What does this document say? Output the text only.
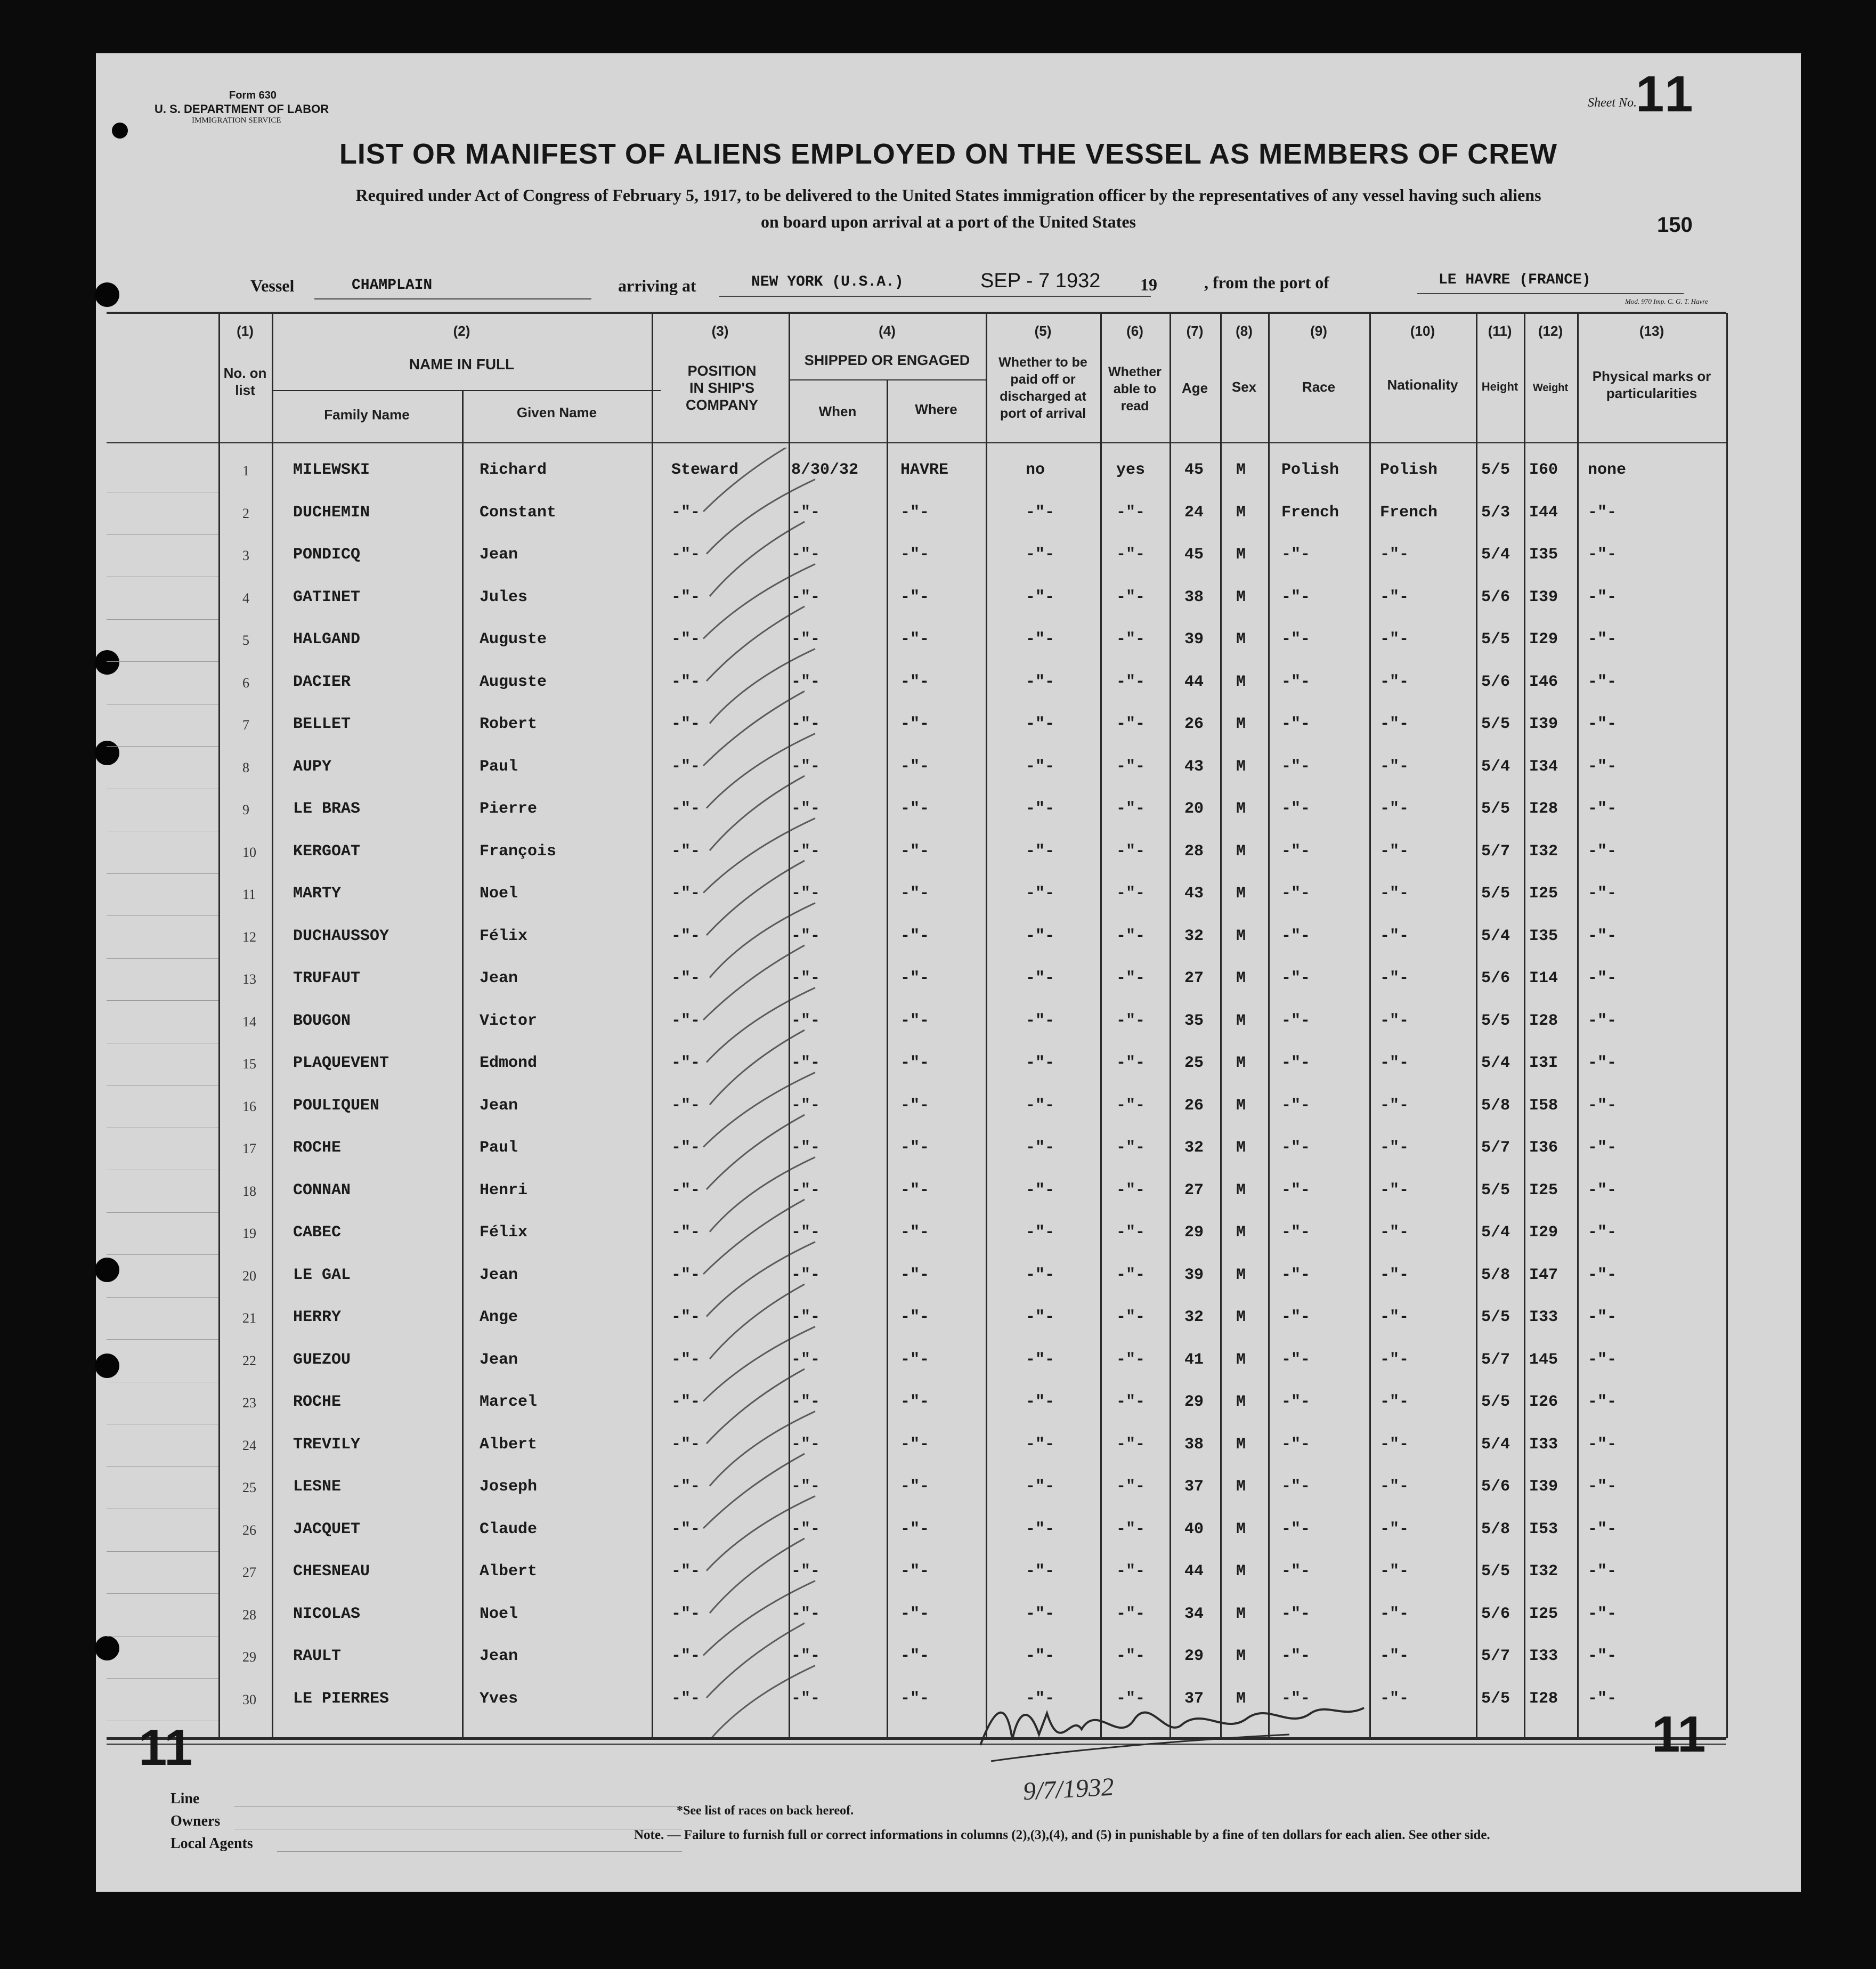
Form 630
U. S. DEPARTMENT OF LABOR
IMMIGRATION SERVICE
Sheet No.
11
LIST OR MANIFEST OF ALIENS EMPLOYED ON THE VESSEL AS MEMBERS OF CREW
Required under Act of Congress of February 5, 1917, to be delivered to the United States immigration officer by the representatives of any vessel having such aliens
on board upon arrival at a port of the United States	150
Vessel	CHAMPLAIN	arriving at	NEW YORK (U.S.A.)	SEP - 7 1932 19	, from the port of	LE HAVRE (FRANCE)
Mod. 970 Imp. C. G. T. Havre
(1)
No. on list
(2)
NAME IN FULL
Family Name	Given Name
(3)
POSITION IN SHIP'S COMPANY
(4)
SHIPPED OR ENGAGED
When	Where
(5)
Whether to be paid off or discharged at port of arrival
(6)
Whether able to read
(7)
Age
(8)
Sex
(9)
Race
(10)
Nationality
(11)
Height
(12)
Weight
(13)
Physical marks or particularities
1	MILEWSKI	Richard	Steward	8/30/32	HAVRE	no	yes 45 M Polish	Polish	5/5 I60 none
2	DUCHEMIN	Constant	-"-	-"-	-"-	-"-	-"- 24 M French	French	5/3 I44 -"-
3	PONDICQ	Jean	-"-	-"-	-"-	-"-	-"- 45 M -"-	-"-	5/4 I35 -"-
4	GATINET	Jules	-"-	-"-	-"-	-"-	-"- 38 M -"-	-"-	5/6 I39 -"-
5	HALGAND	Auguste	-"-	-"-	-"-	-"-	-"- 39 M -"-	-"-	5/5 I29 -"-
6	DACIER	Auguste	-"-	-"-	-"-	-"-	-"- 44 M -"-	-"-	5/6 I46 -"-
7	BELLET	Robert	-"-	-"-	-"-	-"-	-"- 26 M -"-	-"-	5/5 I39 -"-
8	AUPY	Paul	-"-	-"-	-"-	-"-	-"- 43 M -"-	-"-	5/4 I34 -"-
9	LE BRAS	Pierre	-"-	-"-	-"-	-"-	-"- 20 M -"-	-"-	5/5 I28 -"-
10 KERGOAT	François	-"-	-"-	-"-	-"-	-"- 28 M -"-	-"-	5/7 I32 -"-
11 MARTY	Noel	-"-	-"-	-"-	-"-	-"- 43 M -"-	-"-	5/5 I25 -"-
12 DUCHAUSSOY	Félix	-"-	-"-	-"-	-"-	-"- 32 M -"-	-"-	5/4 I35 -"-
13 TRUFAUT	Jean	-"-	-"-	-"-	-"-	-"- 27 M -"-	-"-	5/6 I14 -"-
14 BOUGON	Victor	-"-	-"-	-"-	-"-	-"- 35 M -"-	-"-	5/5 I28 -"-
15 PLAQUEVENT	Edmond	-"-	-"-	-"-	-"-	-"- 25 M -"-	-"-	5/4 I3I -"-
16 POULIQUEN	Jean	-"-	-"-	-"-	-"-	-"- 26 M -"-	-"-	5/8 I58 -"-
17 ROCHE	Paul	-"-	-"-	-"-	-"-	-"- 32 M -"-	-"-	5/7 I36 -"-
18 CONNAN	Henri	-"-	-"-	-"-	-"-	-"- 27 M -"-	-"-	5/5 I25 -"-
19 CABEC	Félix	-"-	-"-	-"-	-"-	-"- 29 M -"-	-"-	5/4 I29 -"-
20 LE GAL	Jean	-"-	-"-	-"-	-"-	-"- 39 M -"-	-"-	5/8 I47 -"-
21 HERRY	Ange	-"-	-"-	-"-	-"-	-"- 32 M -"-	-"-	5/5 I33 -"-
22 GUEZOU	Jean	-"-	-"-	-"-	-"-	-"- 41 M -"-	-"-	5/7 145 -"-
23 ROCHE	Marcel	-"-	-"-	-"-	-"-	-"- 29 M -"-	-"-	5/5 I26 -"-
24 TREVILY	Albert	-"-	-"-	-"-	-"-	-"- 38 M -"-	-"-	5/4 I33 -"-
25 LESNE	Joseph	-"-	-"-	-"-	-"-	-"- 37 M -"-	-"-	5/6 I39 -"-
26 JACQUET	Claude	-"-	-"-	-"-	-"-	-"- 40 M -"-	-"-	5/8 I53 -"-
27 CHESNEAU	Albert	-"-	-"-	-"-	-"-	-"- 44 M -"-	-"-	5/5 I32 -"-
28 NICOLAS	Noel	-"-	-"-	-"-	-"-	-"- 34 M -"-	-"-	5/6 I25 -"-
29 RAULT	Jean	-"-	-"-	-"-	-"-	-"- 29 M -"-	-"-	5/7 I33 -"-
30 LE PIERRES	Yves	-"-	-"-	-"-	-"-	-"- 37 M -"-	-"-	5/5 I28 -"-
Mayo Inspr
9/7/1932
11	11
Line
Owners
Local Agents
*See list of races on back hereof.
Note. — Failure to furnish full or correct informations in columns (2),(3),(4), and (5) in punishable by a fine of ten dollars for each alien. See other side.
